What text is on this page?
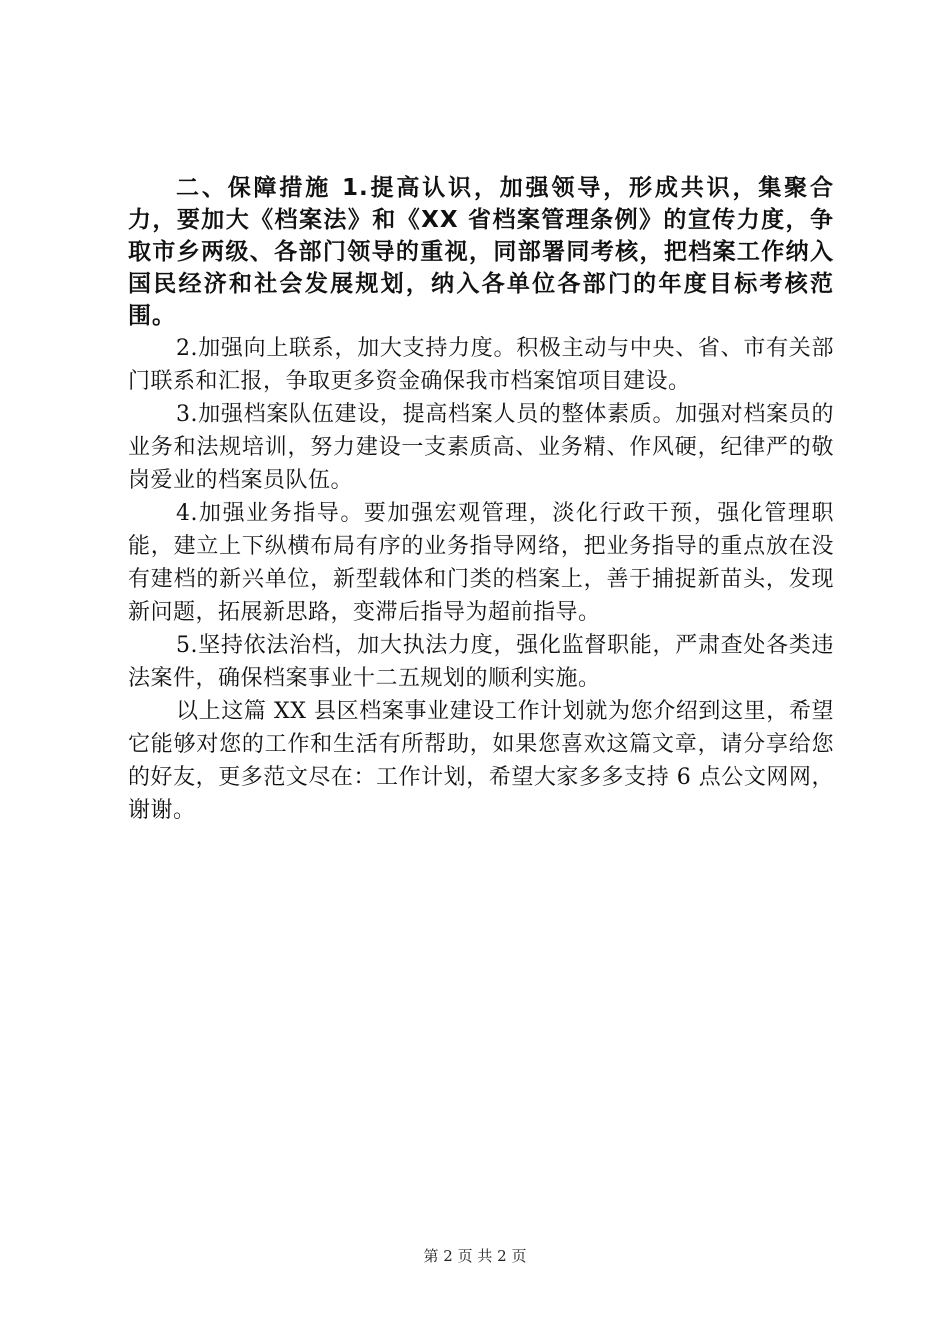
二、保障措施 1.提高认识，加强领导，形成共识，集聚合力，要加大《档案法》和《XX 省档案管理条例》的宣传力度，争取市乡两级、各部门领导的重视，同部署同考核，把档案工作纳入国民经济和社会发展规划，纳入各单位各部门的年度目标考核范围。

2.加强向上联系，加大支持力度。积极主动与中央、省、市有关部门联系和汇报，争取更多资金确保我市档案馆项目建设。

3.加强档案队伍建设，提高档案人员的整体素质。加强对档案员的业务和法规培训，努力建设一支素质高、业务精、作风硬，纪律严的敬岗爱业的档案员队伍。

4.加强业务指导。要加强宏观管理，淡化行政干预，强化管理职能，建立上下纵横布局有序的业务指导网络，把业务指导的重点放在没有建档的新兴单位，新型载体和门类的档案上，善于捕捉新苗头，发现新问题，拓展新思路，变滞后指导为超前指导。

5.坚持依法治档，加大执法力度，强化监督职能，严肃查处各类违法案件，确保档案事业十二五规划的顺利实施。

以上这篇 XX 县区档案事业建设工作计划就为您介绍到这里，希望它能够对您的工作和生活有所帮助，如果您喜欢这篇文章，请分享给您的好友，更多范文尽在：工作计划，希望大家多多支持 6 点公文网网，谢谢。

第 2 页 共 2 页
